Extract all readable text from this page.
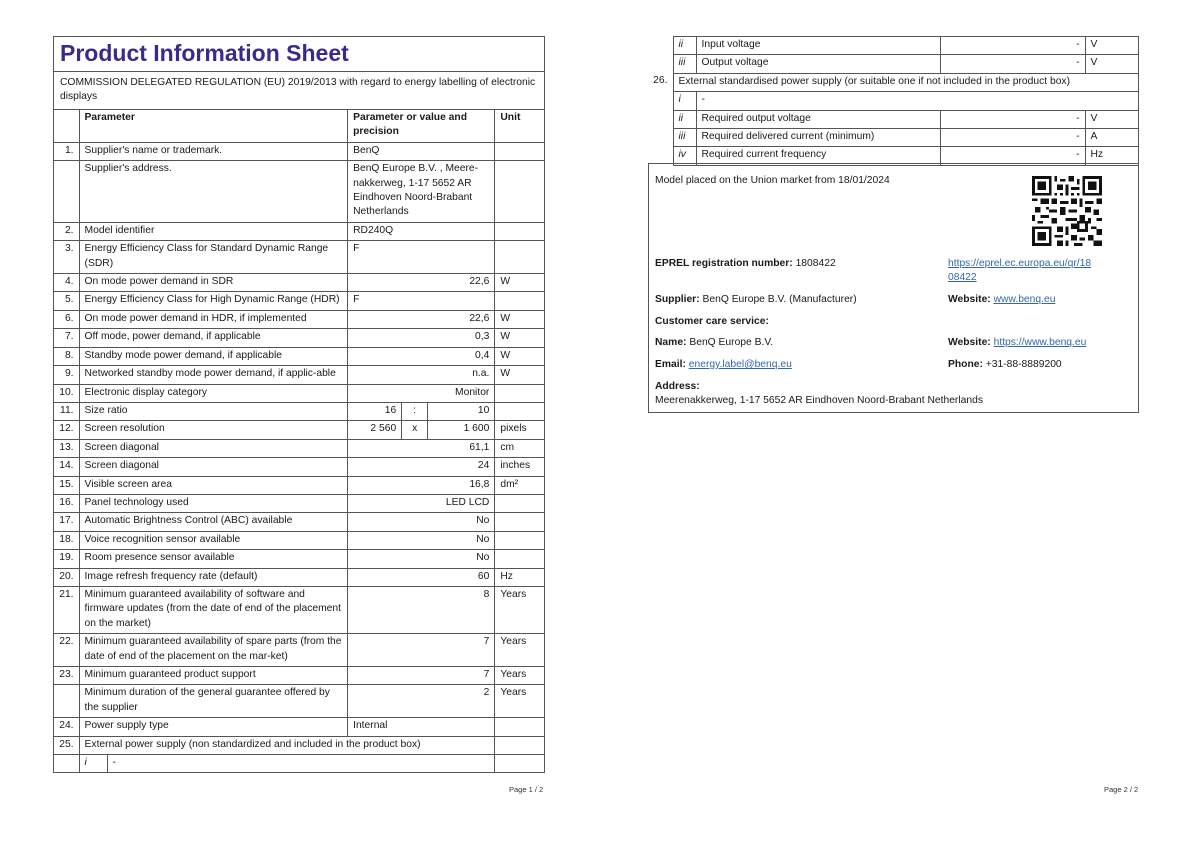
Product Information Sheet
COMMISSION DELEGATED REGULATION (EU) 2019/2013 with regard to energy labelling of electronic displays
	Parameter	Parameter or value and precision	Unit
1.	Supplier's name or trademark.	BenQ	
	Supplier's address.	BenQ Europe B.V. , Meere-nakkerweg, 1-17 5652 AR Eindhoven Noord-Brabant Netherlands	
2.	Model identifier	RD240Q	
3.	Energy Efficiency Class for Standard Dynamic Range (SDR)	F	
4.	On mode power demand in SDR	22,6	W
5.	Energy Efficiency Class for High Dynamic Range (HDR)	F	
6.	On mode power demand in HDR, if implemented	22,6	W
7.	Off mode, power demand, if applicable	0,3	W
8.	Standby mode power demand, if applicable	0,4	W
9.	Networked standby mode power demand, if applic-able	n.a.	W
10.	Electronic display category	Monitor	
11.	Size ratio	16	:	10	
12.	Screen resolution	2 560	x	1 600	pixels
13.	Screen diagonal	61,1	cm
14.	Screen diagonal	24	inches
15.	Visible screen area	16,8	dm²
16.	Panel technology used	LED LCD	
17.	Automatic Brightness Control (ABC) available	No	
18.	Voice recognition sensor available	No	
19.	Room presence sensor available	No	
20.	Image refresh frequency rate (default)	60	Hz
21.	Minimum guaranteed availability of software and firmware updates (from the date of end of the placement on the market)	8	Years
22.	Minimum guaranteed availability of spare parts (from the date of end of the placement on the mar-ket)	7	Years
23.	Minimum guaranteed product support	7	Years
	Minimum duration of the general guarantee offered by the supplier	2	Years
24.	Power supply type	Internal	
25.	External power supply (non standardized and included in the product box)	

i	-

Page 1 / 2
	ii	Input voltage	-	V
	iii	Output voltage	-	V
26.	External standardised power supply (or suitable one if not included in the product box)			
	i	-		
	ii	Required output voltage	-	V
	iii	Required delivered current (minimum)	-	A
	iv	Required current frequency	-	Hz
Model placed on the Union market from 18/01/2024
EPREL registration number: 1808422	https://eprel.ec.europa.eu/qr/18
08422
Supplier: BenQ Europe B.V. (Manufacturer)	Website: www.benq.eu
Customer care service:
Name: BenQ Europe B.V.	Website: https://www.benq.eu
Email: energy.label@benq.eu	Phone: +31-88-8889200
Address:
Meerenakkerweg, 1-17 5652 AR Eindhoven Noord-Brabant Netherlands
Page 2 / 2
